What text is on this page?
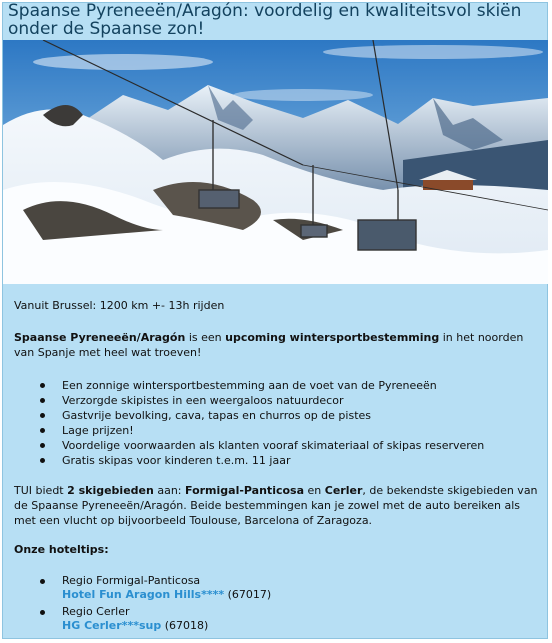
Spaanse Pyreneeën/Aragón: voordelig en kwaliteitsvol skiën onder de Spaanse zon!

Vanuit Brussel: 1200 km +- 13h rijden

Spaanse Pyreneeën/Aragón is een upcoming wintersportbestemming in het noorden van Spanje met heel wat troeven!

Een zonnige wintersportbestemming aan de voet van de Pyreneeën
Verzorgde skipistes in een weergaloos natuurdecor
Gastvrije bevolking, cava, tapas en churros op de pistes
Lage prijzen!
Voordelige voorwaarden als klanten vooraf skimateriaal of skipas reserveren
Gratis skipas voor kinderen t.e.m. 11 jaar

TUI biedt 2 skigebieden aan: Formigal-Panticosa en Cerler, de bekendste skigebieden van de Spaanse Pyreneeën/Aragón. Beide bestemmingen kan je zowel met de auto bereiken als met een vlucht op bijvoorbeeld Toulouse, Barcelona of Zaragoza.

Onze hoteltips:

Regio Formigal-Panticosa
Hotel Fun Aragon Hills**** (67017)
Regio Cerler
HG Cerler***sup (67018)
